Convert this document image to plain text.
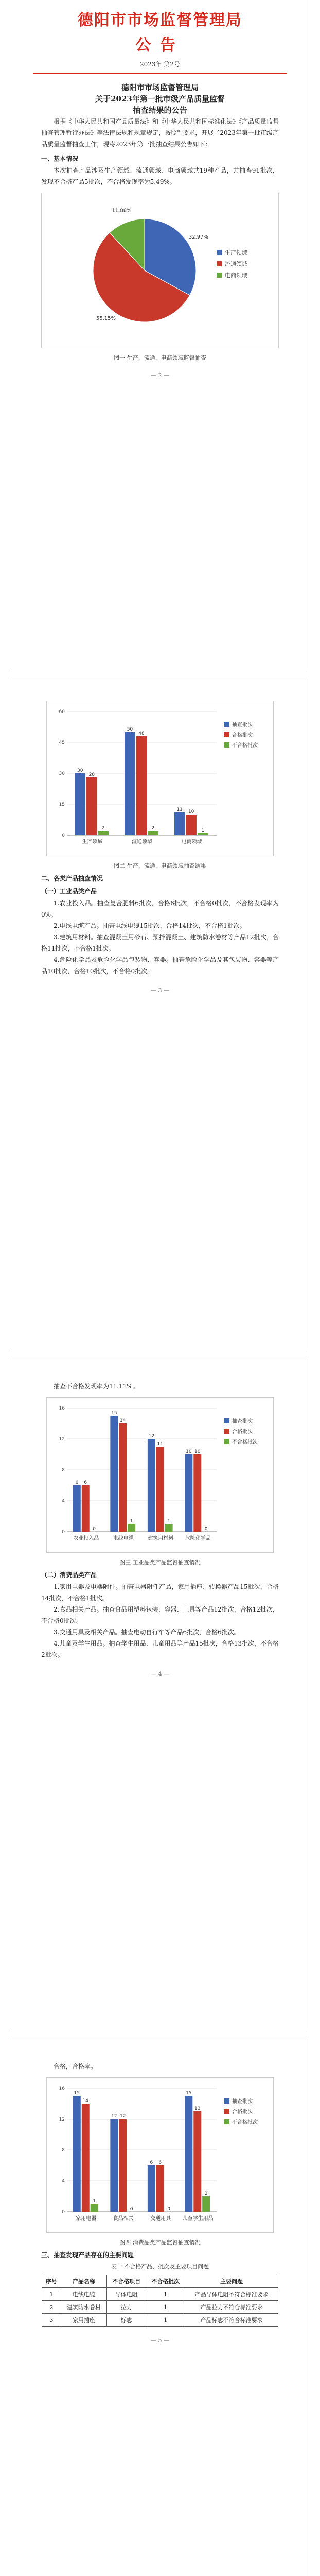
德阳市市场监督管理局
公告
2023年 第2号
德阳市市场监督管理局
关于2023年第一批市级产品质量监督
抽查结果的公告

根据《中华人民共和国产品质量法》和《中华人民共和国标准化法》《产品质量监督抽查管理暂行办法》等法律法规和规章规定，按照""要求，开展了2023年第一批市级产品质量监督抽查工作，现将2023年第一批抽查结果公告如下：

一、基本情况

本次抽查产品涉及生产领域、流通领域、电商领域共19种产品，共抽查91批次，发现不合格产品5批次，不合格发现率为5.49%。

32.97%
55.15%
11.88%
生产领域
流通领域
电商领域
图一 生产、流通、电商领域监督抽查
— 2 —
0
15
30
45
60
30
28
2
生产领域
50
48
2
流通领域
11 10
1
电商领域
抽查批次
合格批次
不合格批次
图二 生产、流通、电商领域抽查结果
二、各类产品抽查情况
（一）工业品类产品

1.农业投入品。抽查复合肥料6批次，合格6批次，不合格0批次，不合格发现率为0%。

2.电线电缆产品。抽查电线电缆15批次，合格14批次，不合格1批次。

3.建筑用材料。抽查混凝土用砂石、预拌混凝土、建筑防水卷材等产品12批次，合格11批次，不合格1批次。

4.危险化学品及危险化学品包装物、容器。抽查危险化学品及其包装物、容器等产品10批次，合格10批次，不合格0批次。

— 3 —

抽查不合格发现率为11.11%。

0
4
8
12
16
6 6
0
农业投入品
15
14
1
电线电缆
12
11
1
建筑用材料
10 10
0
危险化学品
抽查批次
合格批次
不合格批次
图三 工业品类产品监督抽查情况
（二）消费品类产品

1.家用电器及电器附件。抽查电器附件产品，家用插座、转换器产品15批次，合格14批次，不合格1批次。

2.食品相关产品。抽查食品用塑料包装、容器、工具等产品12批次，合格12批次，不合格0批次。

3.交通用具及相关产品。抽查电动自行车等产品6批次，合格6批次。

4.儿童及学生用品。抽查学生用品、儿童用品等产品15批次，合格13批次，不合格2批次。

— 4 —

合格，合格率。

0
4
8
12
16
15
14
1
家用电器
12 12
0
食品相关
6 6
0
交通用具
15
13
2
儿童学生用品
抽查批次
合格批次
不合格批次
图四 消费品类产品监督抽查情况
三、抽查发现产品存在的主要问题
表一 不合格产品、批次及主要项目问题
序号	产品名称	不合格项目	不合格批次	主要问题
1	电线电缆	导体电阻	1	产品导体电阻不符合标准要求
2	建筑防水卷材	拉力	1	产品拉力不符合标准要求
3	家用插座	标志	1	产品标志不符合标准要求
— 5 —
